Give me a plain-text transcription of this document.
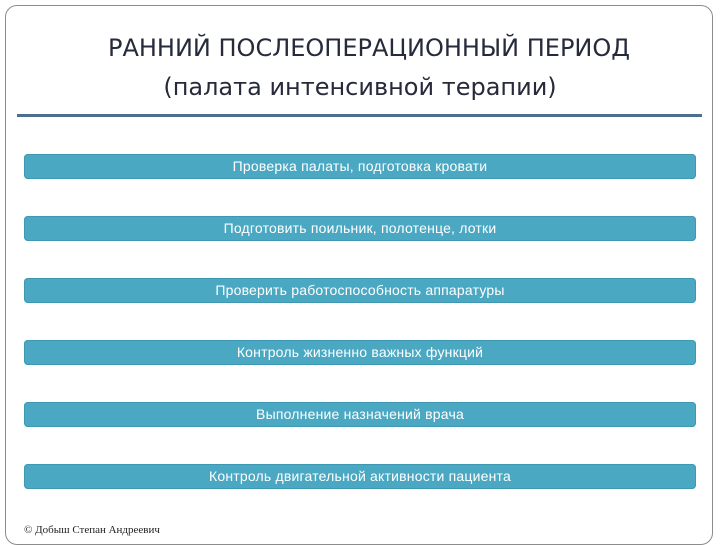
РАННИЙ ПОСЛЕОПЕРАЦИОННЫЙ ПЕРИОД
(палата интенсивной терапии)
Проверка палаты, подготовка кровати
Подготовить поильник, полотенце, лотки
Проверить работоспособность аппаратуры
Контроль жизненно важных функций
Выполнение назначений врача
Контроль двигательной активности пациента
© Добыш Степан Андреевич
